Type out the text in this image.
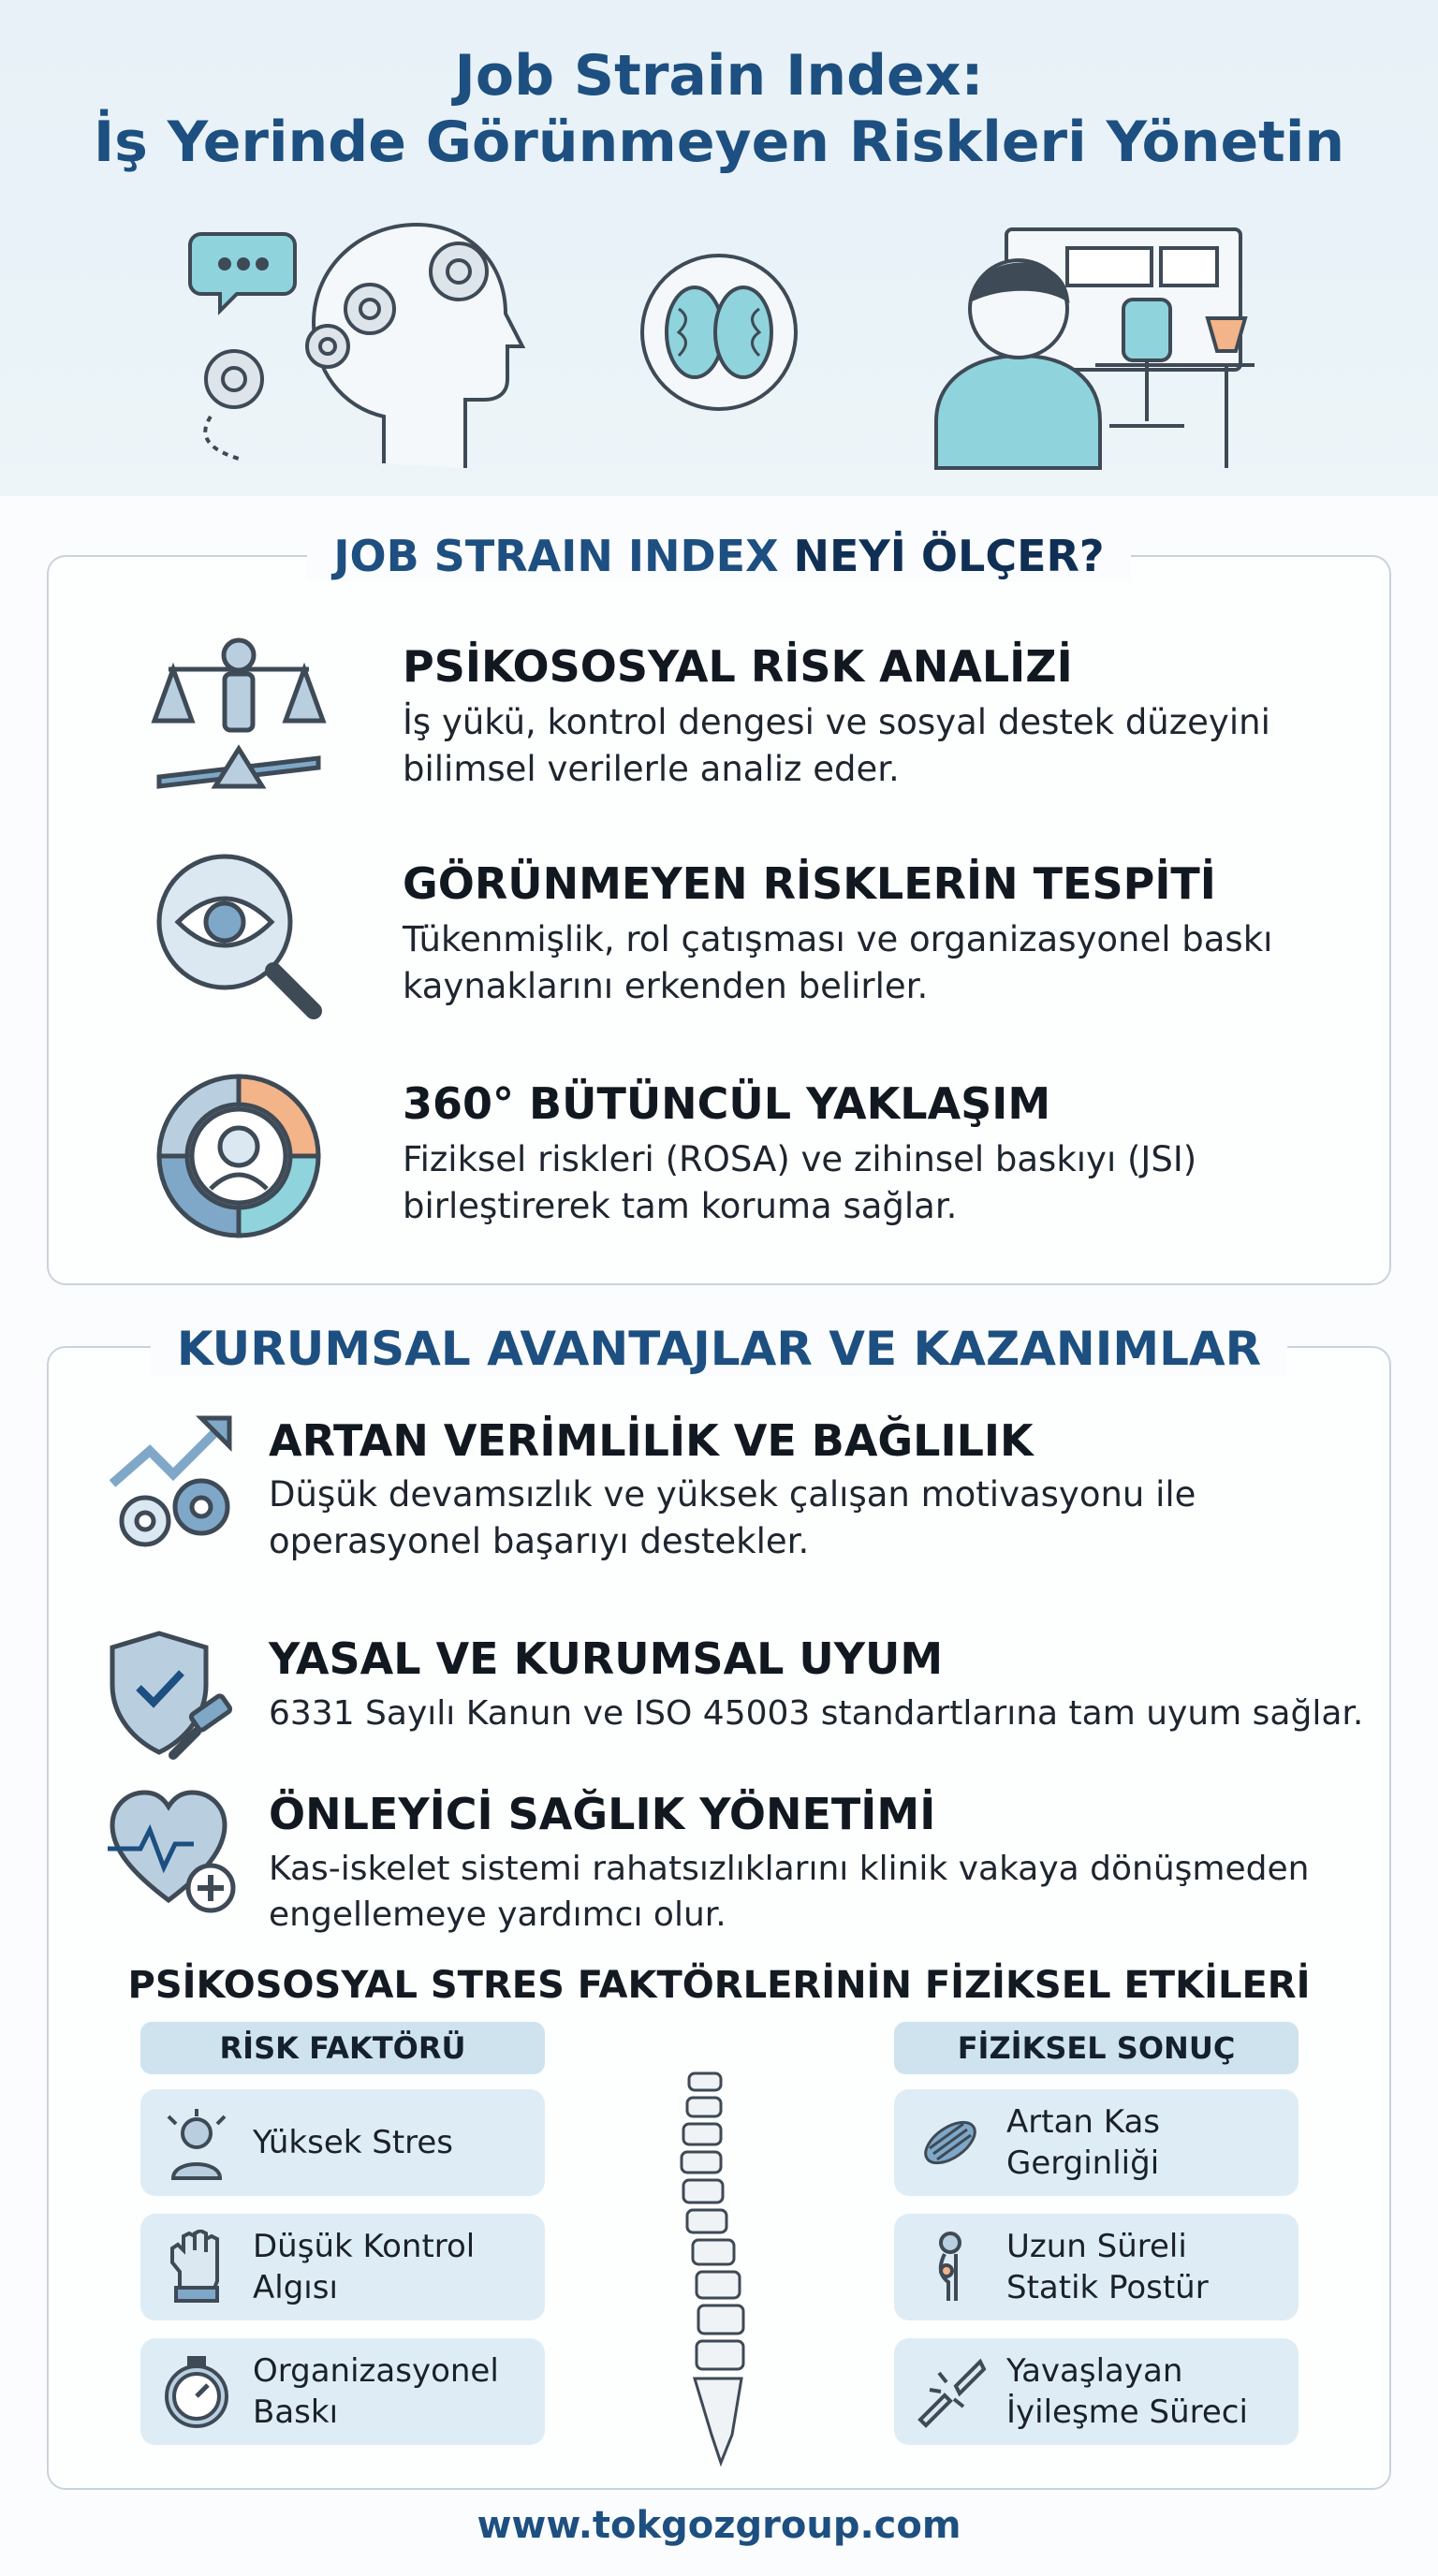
Job Strain Index:
İş Yerinde Görünmeyen Riskleri Yönetin
JOB STRAIN INDEX NEYİ ÖLÇER?
PSİKOSOSYAL RİSK ANALİZİ

İş yükü, kontrol dengesi ve sosyal destek düzeyini
bilimsel verilerle analiz eder.

GÖRÜNMEYEN RİSKLERİN TESPİTİ

Tükenmişlik, rol çatışması ve organizasyonel baskı
kaynaklarını erkenden belirler.

360° BÜTÜNCÜL YAKLAŞIM

Fiziksel riskleri (ROSA) ve zihinsel baskıyı (JSI)
birleştirerek tam koruma sağlar.

KURUMSAL AVANTAJLAR VE KAZANIMLAR
ARTAN VERİMLİLİK VE BAĞLILIK

Düşük devamsızlık ve yüksek çalışan motivasyonu ile
operasyonel başarıyı destekler.

YASAL VE KURUMSAL UYUM

6331 Sayılı Kanun ve ISO 45003 standartlarına tam uyum sağlar.

ÖNLEYİCİ SAĞLIK YÖNETİMİ

Kas-iskelet sistemi rahatsızlıklarını klinik vakaya dönüşmeden
engellemeye yardımcı olur.

PSİKOSOSYAL STRES FAKTÖRLERİNİN FİZİKSEL ETKİLERİ
RİSK FAKTÖRÜ	FİZİKSEL SONUÇ
Yüksek Stres
Düşük Kontrol
Algısı
Organizasyonel
Baskı
Artan Kas
Gerginliği
Uzun Süreli
Statik Postür
Yavaşlayan
İyileşme Süreci
www.tokgozgroup.com
